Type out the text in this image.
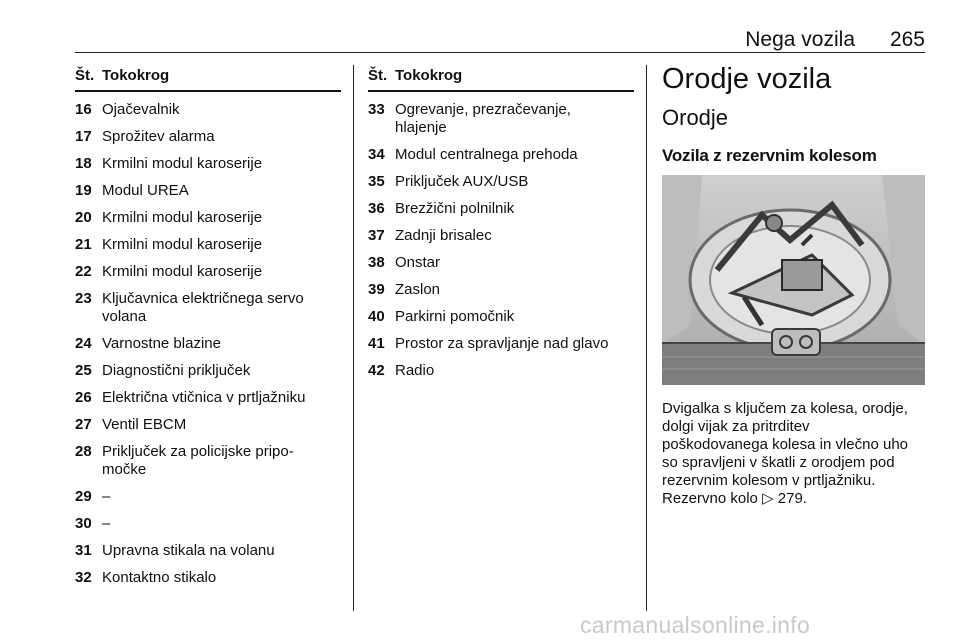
Nega vozila 265
Št. Tokokrog
16 Ojačevalnik
17 Sprožitev alarma
18 Krmilni modul karoserije
19 Modul UREA
20 Krmilni modul karoserije
21 Krmilni modul karoserije
22 Krmilni modul karoserije
23 Ključavnica električnega servo
volana
24 Varnostne blazine
25 Diagnostični priključek
26 Električna vtičnica v prtljažniku
27 Ventil EBCM
28 Priključek za policijske pripo-
močke
29 –
30 –
31 Upravna stikala na volanu
32 Kontaktno stikalo
Št. Tokokrog
33 Ogrevanje, prezračevanje,
hlajenje
34 Modul centralnega prehoda
35 Priključek AUX/USB
36 Brezžični polnilnik
37 Zadnji brisalec
38 Onstar
39 Zaslon
40 Parkirni pomočnik
41 Prostor za spravljanje nad glavo
42 Radio
Orodje vozila
Orodje
Vozila z rezervnim kolesom
Dvigalka s ključem za kolesa, orodje,
dolgi vijak za pritrditev
poškodovanega kolesa in vlečno uho
so spravljeni v škatli z orodjem pod
rezervnim kolesom v prtljažniku.
Rezervno kolo ▷ 279.
carmanualsonline.info
